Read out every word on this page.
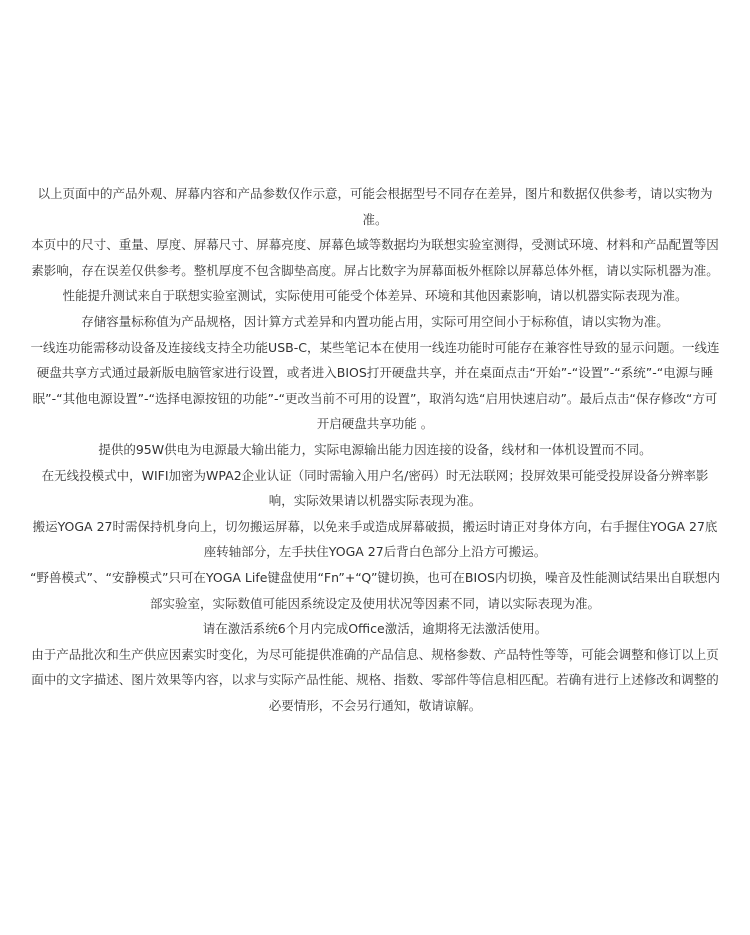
以上页面中的产品外观、屏幕内容和产品参数仅作示意，可能会根据型号不同存在差异，图片和数据仅供参考，请以实物为准。

本页中的尺寸、重量、厚度、屏幕尺寸、屏幕亮度、屏幕色域等数据均为联想实验室测得，受测试环境、材料和产品配置等因素影响，存在误差仅供参考。整机厚度不包含脚垫高度。屏占比数字为屏幕面板外框除以屏幕总体外框，请以实际机器为准。

性能提升测试来自于联想实验室测试，实际使用可能受个体差异、环境和其他因素影响，请以机器实际表现为准。

存储容量标称值为产品规格，因计算方式差异和内置功能占用，实际可用空间小于标称值，请以实物为准。

一线连功能需移动设备及连接线支持全功能USB-C，某些笔记本在使用一线连功能时可能存在兼容性导致的显示问题。一线连硬盘共享方式通过最新版电脑管家进行设置，或者进入BIOS打开硬盘共享，并在桌面点击“开始”-“设置”-“系统”-“电源与睡眠”-“其他电源设置”-“选择电源按钮的功能”-“更改当前不可用的设置”，取消勾选“启用快速启动”。最后点击“保存修改“方可开启硬盘共享功能 。

提供的95W供电为电源最大输出能力，实际电源输出能力因连接的设备，线材和一体机设置而不同。

在无线投模式中，WIFI加密为WPA2企业认证（同时需输入用户名/密码）时无法联网；投屏效果可能受投屏设备分辨率影响，实际效果请以机器实际表现为准。

搬运YOGA 27时需保持机身向上，切勿搬运屏幕，以免来手或造成屏幕破损，搬运时请正对身体方向，右手握住YOGA 27底座转轴部分，左手扶住YOGA 27后背白色部分上沿方可搬运。

“野兽模式”、“安静模式”只可在YOGA Life键盘使用“Fn”+“Q”键切换，也可在BIOS内切换，噪音及性能测试结果出自联想内部实验室，实际数值可能因系统设定及使用状况等因素不同，请以实际表现为准。

请在激活系统6个月内完成Office激活，逾期将无法激活使用。

由于产品批次和生产供应因素实时变化，为尽可能提供准确的产品信息、规格参数、产品特性等等，可能会调整和修订以上页面中的文字描述、图片效果等内容，以求与实际产品性能、规格、指数、零部件等信息相匹配。若确有进行上述修改和调整的必要情形，不会另行通知，敬请谅解。
